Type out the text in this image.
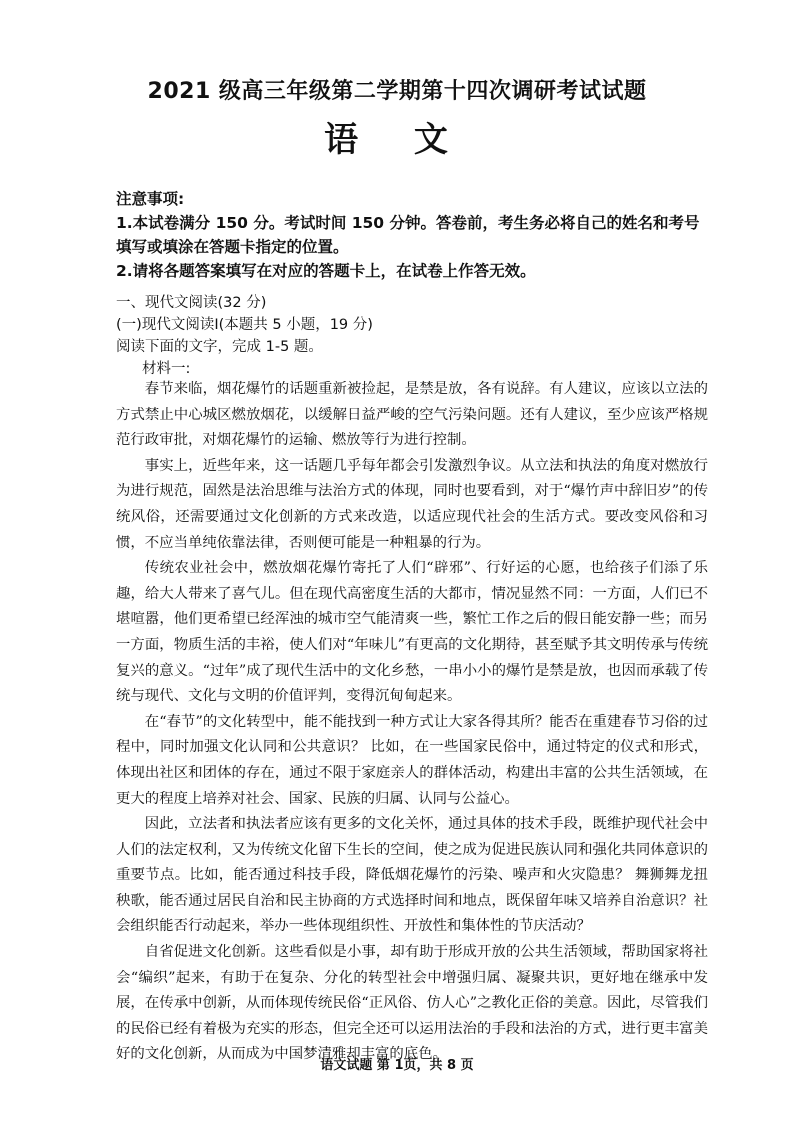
2021 级高三年级第二学期第十四次调研考试试题
语 文

注意事项:

1.本试卷满分 150 分。考试时间 150 分钟。答卷前，考生务必将自己的姓名和考号填写或填涂在答题卡指定的位置。

2.请将各题答案填写在对应的答题卡上，在试卷上作答无效。

一、现代文阅读(32 分)

(一)现代文阅读Ⅰ(本题共 5 小题，19 分)

阅读下面的文字，完成 1-5 题。

材料一:

春节来临，烟花爆竹的话题重新被捡起，是禁是放，各有说辞。有人建议，应该以立法的方式禁止中心城区燃放烟花，以缓解日益严峻的空气污染问题。还有人建议，至少应该严格规范行政审批，对烟花爆竹的运输、燃放等行为进行控制。

事实上，近些年来，这一话题几乎每年都会引发激烈争议。从立法和执法的角度对燃放行为进行规范，固然是法治思维与法治方式的体现，同时也要看到，对于“爆竹声中辞旧岁”的传统风俗，还需要通过文化创新的方式来改造，以适应现代社会的生活方式。要改变风俗和习惯，不应当单纯依靠法律，否则便可能是一种粗暴的行为。

传统农业社会中，燃放烟花爆竹寄托了人们“辟邪”、行好运的心愿，也给孩子们添了乐趣，给大人带来了喜气儿。但在现代高密度生活的大都市，情况显然不同：一方面，人们已不堪喧嚣，他们更希望已经浑浊的城市空气能清爽一些，繁忙工作之后的假日能安静一些；而另一方面，物质生活的丰裕，使人们对“年味儿”有更高的文化期待，甚至赋予其文明传承与传统复兴的意义。“过年”成了现代生活中的文化乡愁，一串小小的爆竹是禁是放，也因而承载了传统与现代、文化与文明的价值评判，变得沉甸甸起来。

在“春节”的文化转型中，能不能找到一种方式让大家各得其所？能否在重建春节习俗的过程中，同时加强文化认同和公共意识？ 比如，在一些国家民俗中，通过特定的仪式和形式，体现出社区和团体的存在，通过不限于家庭亲人的群体活动，构建出丰富的公共生活领域，在更大的程度上培养对社会、国家、民族的归属、认同与公益心。

因此，立法者和执法者应该有更多的文化关怀，通过具体的技术手段，既维护现代社会中人们的法定权利，又为传统文化留下生长的空间，使之成为促进民族认同和强化共同体意识的重要节点。比如，能否通过科技手段，降低烟花爆竹的污染、噪声和火灾隐患？ 舞狮舞龙扭秧歌，能否通过居民自治和民主协商的方式选择时间和地点，既保留年味又培养自治意识？社会组织能否行动起来，举办一些体现组织性、开放性和集体性的节庆活动？

自省促进文化创新。这些看似是小事，却有助于形成开放的公共生活领域，帮助国家将社会“编织”起来，有助于在复杂、分化的转型社会中增强归属、凝聚共识，更好地在继承中发展，在传承中创新，从而体现传统民俗“正风俗、仿人心”之教化正俗的美意。因此，尽管我们的民俗已经有着极为充实的形态，但完全还可以运用法治的手段和法治的方式，进行更丰富美好的文化创新，从而成为中国梦清雅却丰富的底色。

语文试题 第 1页，共 8 页
